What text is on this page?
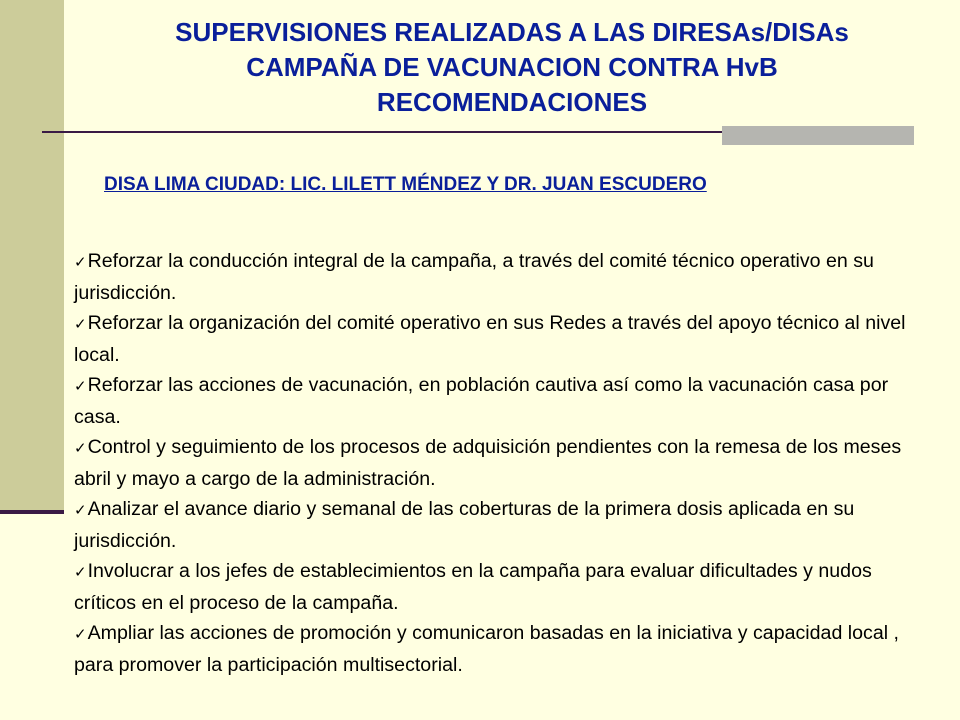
SUPERVISIONES REALIZADAS A LAS DIRESAs/DISAs
CAMPAÑA DE VACUNACION CONTRA HvB
RECOMENDACIONES
DISA LIMA CIUDAD: LIC. LILETT MÉNDEZ Y DR. JUAN ESCUDERO
✓Reforzar la conducción integral de la campaña, a través del comité técnico operativo en su jurisdicción.
✓Reforzar la organización del comité operativo en sus Redes a través del apoyo técnico al nivel local.
✓Reforzar las acciones de vacunación, en población cautiva así como la vacunación casa por casa.
✓Control y seguimiento de los procesos de adquisición pendientes con la remesa de los meses abril y mayo a cargo de la administración.
✓Analizar el avance diario y semanal de las coberturas de la primera dosis aplicada en su jurisdicción.
✓Involucrar a los jefes de establecimientos en la campaña para evaluar dificultades y nudos críticos en el proceso de la campaña.
✓Ampliar las acciones de promoción y comunicaron basadas en la iniciativa y capacidad local , para promover la participación multisectorial.
